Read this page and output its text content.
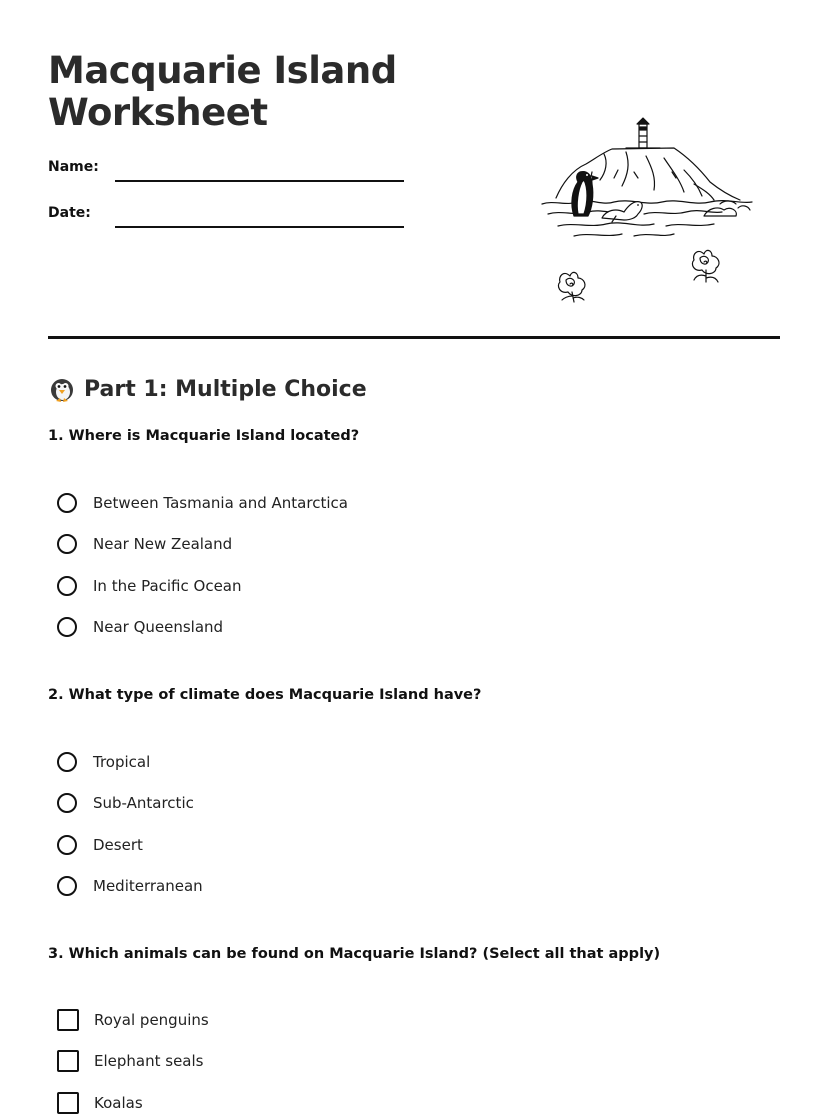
Macquarie Island
Worksheet
Name:
Date:
Part 1: Multiple Choice
1. Where is Macquarie Island located?
Between Tasmania and Antarctica
Near New Zealand
In the Pacific Ocean
Near Queensland
2. What type of climate does Macquarie Island have?
Tropical
Sub-Antarctic
Desert
Mediterranean
3. Which animals can be found on Macquarie Island? (Select all that apply)
Royal penguins
Elephant seals
Koalas
